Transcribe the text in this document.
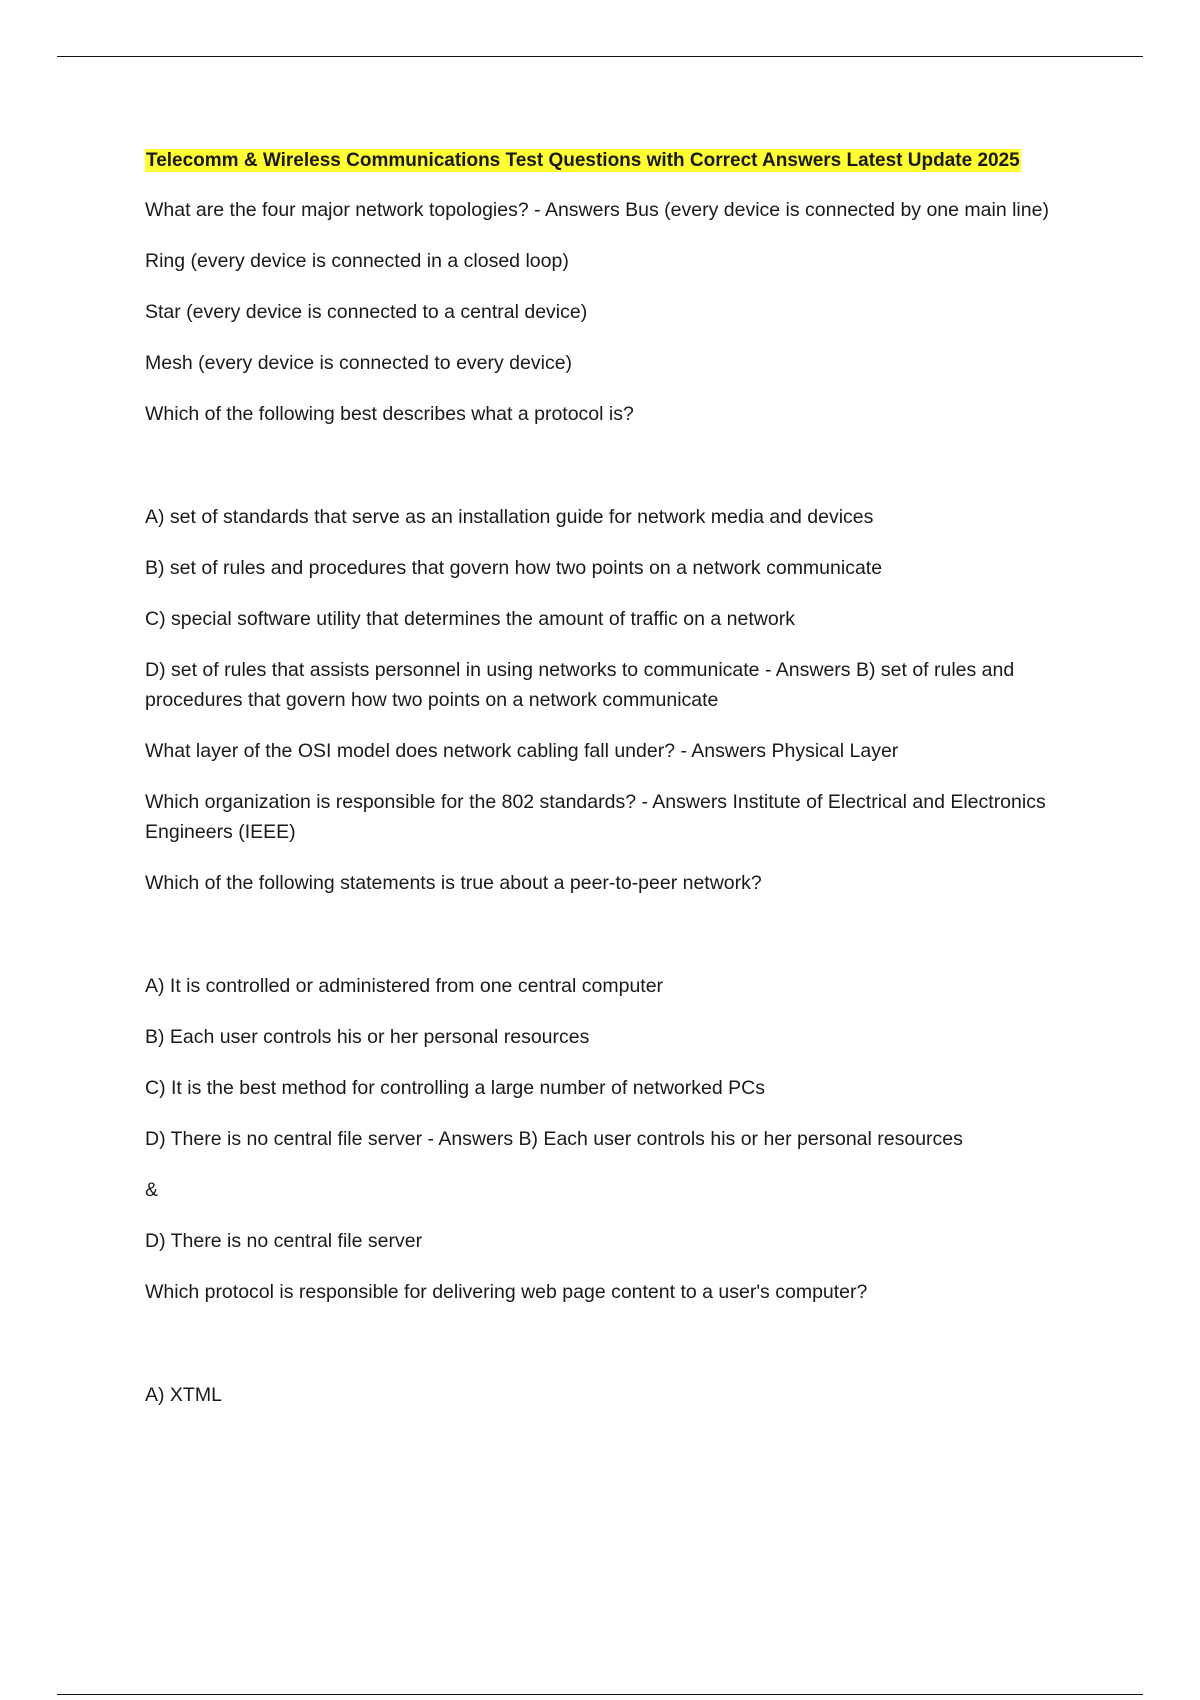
Telecomm & Wireless Communications Test Questions with Correct Answers Latest Update 2025
What are the four major network topologies? - Answers Bus (every device is connected by one main line)
Ring (every device is connected in a closed loop)
Star (every device is connected to a central device)
Mesh (every device is connected to every device)
Which of the following best describes what a protocol is?
A) set of standards that serve as an installation guide for network media and devices
B) set of rules and procedures that govern how two points on a network communicate
C) special software utility that determines the amount of traffic on a network
D) set of rules that assists personnel in using networks to communicate - Answers B) set of rules and procedures that govern how two points on a network communicate
What layer of the OSI model does network cabling fall under? - Answers Physical Layer
Which organization is responsible for the 802 standards? - Answers Institute of Electrical and Electronics Engineers (IEEE)
Which of the following statements is true about a peer-to-peer network?
A) It is controlled or administered from one central computer
B) Each user controls his or her personal resources
C) It is the best method for controlling a large number of networked PCs
D) There is no central file server - Answers B) Each user controls his or her personal resources
&
D) There is no central file server
Which protocol is responsible for delivering web page content to a user's computer?
A) XTML
